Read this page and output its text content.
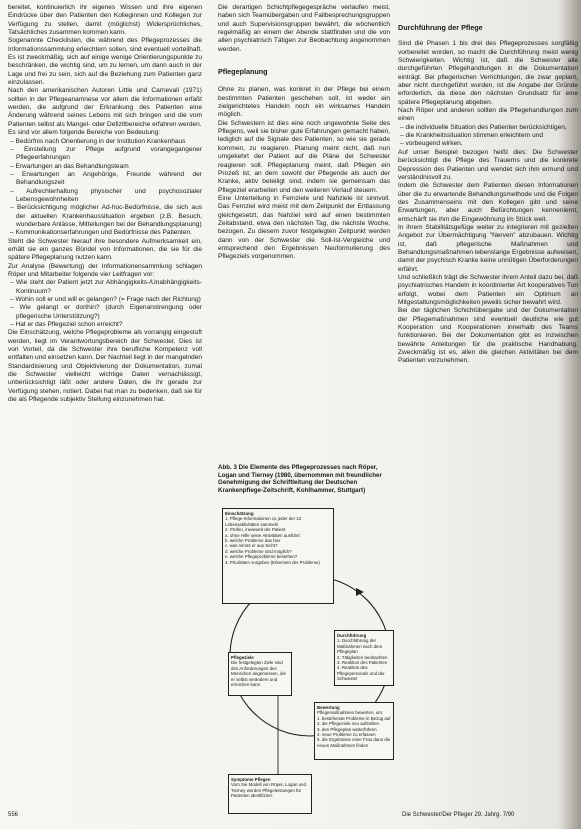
bereitet, kontinuierlich ihr eigenes Wissen und ihre eigenen Eindrücke über den Patienten den Kolleginnen und Kollegen zur Verfügung zu stellen, damit (möglichst) Widersprüchliches, Tatsächliches zusammen kommen kann.

Sogenannte Checklisten, die während des Pflegeprozesses die Informationssammlung erleichtern sollen, sind eventuell vorteilhaft. Es ist zweckmäßig, sich auf einige wenige Orientierungspunkte zu beschränken, die wichtig sind, um zu lernen, um dann auch in der Lage und frei zu sein, sich auf die Beziehung zum Patienten ganz einzulassen.

Nach den amerikanischen Autoren Little und Carnevali (1971) sollten in der Pflegeanamnese vor allem die Informationen erfaßt werden, die aufgrund der Erkrankung des Patienten eine Änderung während seines Lebens mit sich bringen und die vom Patienten selbst als Mangel- oder Defizitbereiche erfahren werden.

Es sind vor allem folgende Bereiche von Bedeutung:

– Bedürfnis nach Orientierung in der Institution Krankenhaus
– Einstellung zur Pflege aufgrund vorangegangener Pflegeerfahrungen
– Erwartungen an das Behandlungsteam
– Erwartungen an Angehörige, Freunde während der Behandlungszeit
– Aufrechterhaltung physischer und psychosozialer Lebensgewohnheiten
– Berücksichtigung möglicher Ad-hoc-Bedürfnisse, die sich aus der aktuellen Krankenhaussituation ergeben (z.B. Besuch, wunderbare Anlässe, Mitteilungen bei der Behandlungsplanung)
– Kommunikationserfahrungen und Bedürfnisse des Patienten.

Steht die Schwester hierauf ihre besondere Aufmerksamkeit ein, erhält sie ein ganzes Bündel von Informationen, die sie für die spätere Pflegeplanung nutzen kann.

Zur Analyse (Bewertung) der Informationensammlung schlagen Röper und Mitarbeiter folgende vier Leitfragen vor:

– Wie steht der Patient jetzt zur Abhängigkeits-/Unabhängigkeits-Kontinuum?
– Wohin soll er und will er gelangen? (= Frage nach der Richtung)
– Wie gelangt er dorthin? (durch Eigenanstrengung oder pflegerische Unterstützung?)
– Hat er das Pflegeziel schon erreicht?

Die Einschätzung, welche Pflegeprobleme als vorrangig eingestuft werden, liegt im Verantwortungsbereich der Schwester. Dies ist von Vorteil, da die Schwester ihre berufliche Kompetenz voll entfalten und einsetzen kann. Der Nachteil liegt in der mangelnden Standardisierung und Objektivierung der Dokumentation, zumal die Schwester vielleicht wichtige Daten vernachlässigt, unberücksichtigt läßt oder andere Daten, die ihr gerade zur Verfügung stehen, notiert. Dabei hat man zu bedenken, daß sie für die als Pflegende subjektiv Stellung einzunehmen hat.

Die derartigen Schichtpflegegespräche verlaufen meist, haben sich Teamübergaben und Fallbesprechungsgruppen und auch Supervisionsgruppen bewährt, die wöchentlich regelmäßig an einem der Abende stattfinden und die von allen psychiatrisch Tätigen zur Beobachtung angenommen werden.

Pflegeplanung

Ohne zu planen, was konkret in der Pflege bei einem bestimmten Patienten geschehen soll, ist weder ein zielgerichtetes Handeln noch ein wirksames Handeln möglich.

Die Schwestern ist dies eine noch ungewohnte Seite des Pflegens, weil sie bisher gute Erfahrungen gemacht haben, lediglich auf die Signale des Patienten, so wie sie gerade kommen, zu reagieren. Planung meint nicht, daß nun umgekehrt der Patient auf die Pläne der Schwester reagieren soll. Pflegeplanung meint, daß Pflegen ein Prozeß ist, an dem sowohl der Pflegende als auch der Kranke, aktiv beteiligt sind, indem sie gemeinsam das Pflegeziel erarbeiten und den weiteren Verlauf steuern.

Eine Unterteilung in Fernziele und Nahziele ist sinnvoll. Das Fernziel wird meist mit dem Zeitpunkt der Entlassung gleichgesetzt, das Nahziel wird auf einen bestimmten Zeitabstand, etwa den nächsten Tag, die nächste Woche, bezogen. Zu diesem zuvor festgelegten Zeitpunkt werden dann von der Schwester die Soll-Ist-Vergleiche und entsprechend den Ergebnissen Neuformulierung des Pflegeziels vorgenommen.

Abb. 3 Die Elemente des Pflegeprozesses nach Röper, Logan und Tierney (1980, übernommen mit freundlicher Genehmigung der Schriftleitung der Deutschen Krankenpflege-Zeitschrift, Kohlhammer, Stuttgart)
Einschätzung
1. Pflege-Informationen zu jeder der 12 Lebensaktivitäten sammeln
2. Prüfen, inwieweit der Patient
a. ohne Hilfe seine Aktivitäten ausführt
b. welche Probleme das hier
c. was nimmt er aus Sicht?
d. welche Probleme sind möglich?
e. welche Pflegeprobleme bestehen?
3. Prioritäten vorgeben (Erkennen der Probleme)
Durchführung
1. Durchführung der Maßnahmen nach dem Pflegeplan
2. Tätigkeiten beobachten
3. Reaktion des Patienten
4. Reaktion des Pflegepersonals und der Schwester
Pflegeziele
Die festgelegten Ziele sind den Anforderungen des Menschen angemessen, die er selbst verändern und erreichen kann
Bewertung
Pflegemaßnahmen bewerten, um:
1. bestehende Probleme in Bezug auf
2. die Pflegeziele neu aufstellen
3. den Pflegeplan weiterführen
4. neue Probleme zu erfassen
5. die Ergebnisse einer Frau dann die neuen Maßnahmen finden
Symptome Pflegen
Vom Sie Modell von Röper, Logan und Tierney werden Pflegeleistungen für Patienten identifiziert.
Durchführung der Pflege

Sind die Phasen 1 bis drei des Pflegeprozesses sorgfältig vorbereitet worden, so macht die Durchführung meist wenig Schwierigkeiten. Wichtig ist, daß die Schwester alle durchgeführten Pflegehandlungen in die Dokumentation einträgt. Bei pflegerischen Verrichtungen, die zwar geplant, aber nicht durchgeführt wurden, ist die Angabe der Gründe erforderlich, da diese den nächsten Grundsatz für eine spätere Pflegeplanung abgeben.

Nach Röper und anderen sollten die Pflegehandlungen zum einen

– die individuelle Situation des Patienten berücksichtigen,
– die Krankheitssituation stimmen erleichtern und
– vorbeugend wirken.

Auf unser Beispiel bezogen heißt dies: Die Schwester berücksichtigt die Pflege des Trauerns und die konkrete Depression des Patienten und wendet sich ihm ermund und verständnisvoll zu.

Indem die Schwester dem Patienten diesen Informationen über die zu erwartende Behandlungsmethode und die Folgen des Zusammenseins mit den Kollegen gibt und seine Erwartungen, aber auch Befürchtungen kennenlernt, entschärft sie ihm die Eingewöhnung im Stück weit.

In ihrem Stabilitätsgefüge weiter zu integrieren mit gezielten Angebot zur Übermächtigung "Nerven" abzubauen. Wichtig ist, daß pflegerische Maßnahmen und Behandlungsmaßnahmen lebenslange Ergebnisse aufweisen, damit der psychisch Kranke keine unnötigen Überforderungen erfährt.

Und schließlich trägt die Schwester ihrem Anteil dazu bei, daß psychiatrisches Handeln in koordinierter Art kooperatives Tun erfolgt, wobei dem Patienten ein Optimum an Mitgestaltungsmöglichkeiten jeweils sicher bewahrt wird.

Bei der täglichen Schichtübergabe und der Dokumentation der Pflegemaßnahmen sind eventuell deutliche wie gut Kooperation und Kooperationen innerhalb des Teams funktionieren. Bei der Dokumentation gibt es inzwischen bewährte Anleitungen für die praktische Handhabung. Zweckmäßig ist es, allen die gleichen Aktivitäten bei dem Patienten vorzunehmen.

556	Die Schwester/Der Pfleger 29. Jahrg. 7/90
